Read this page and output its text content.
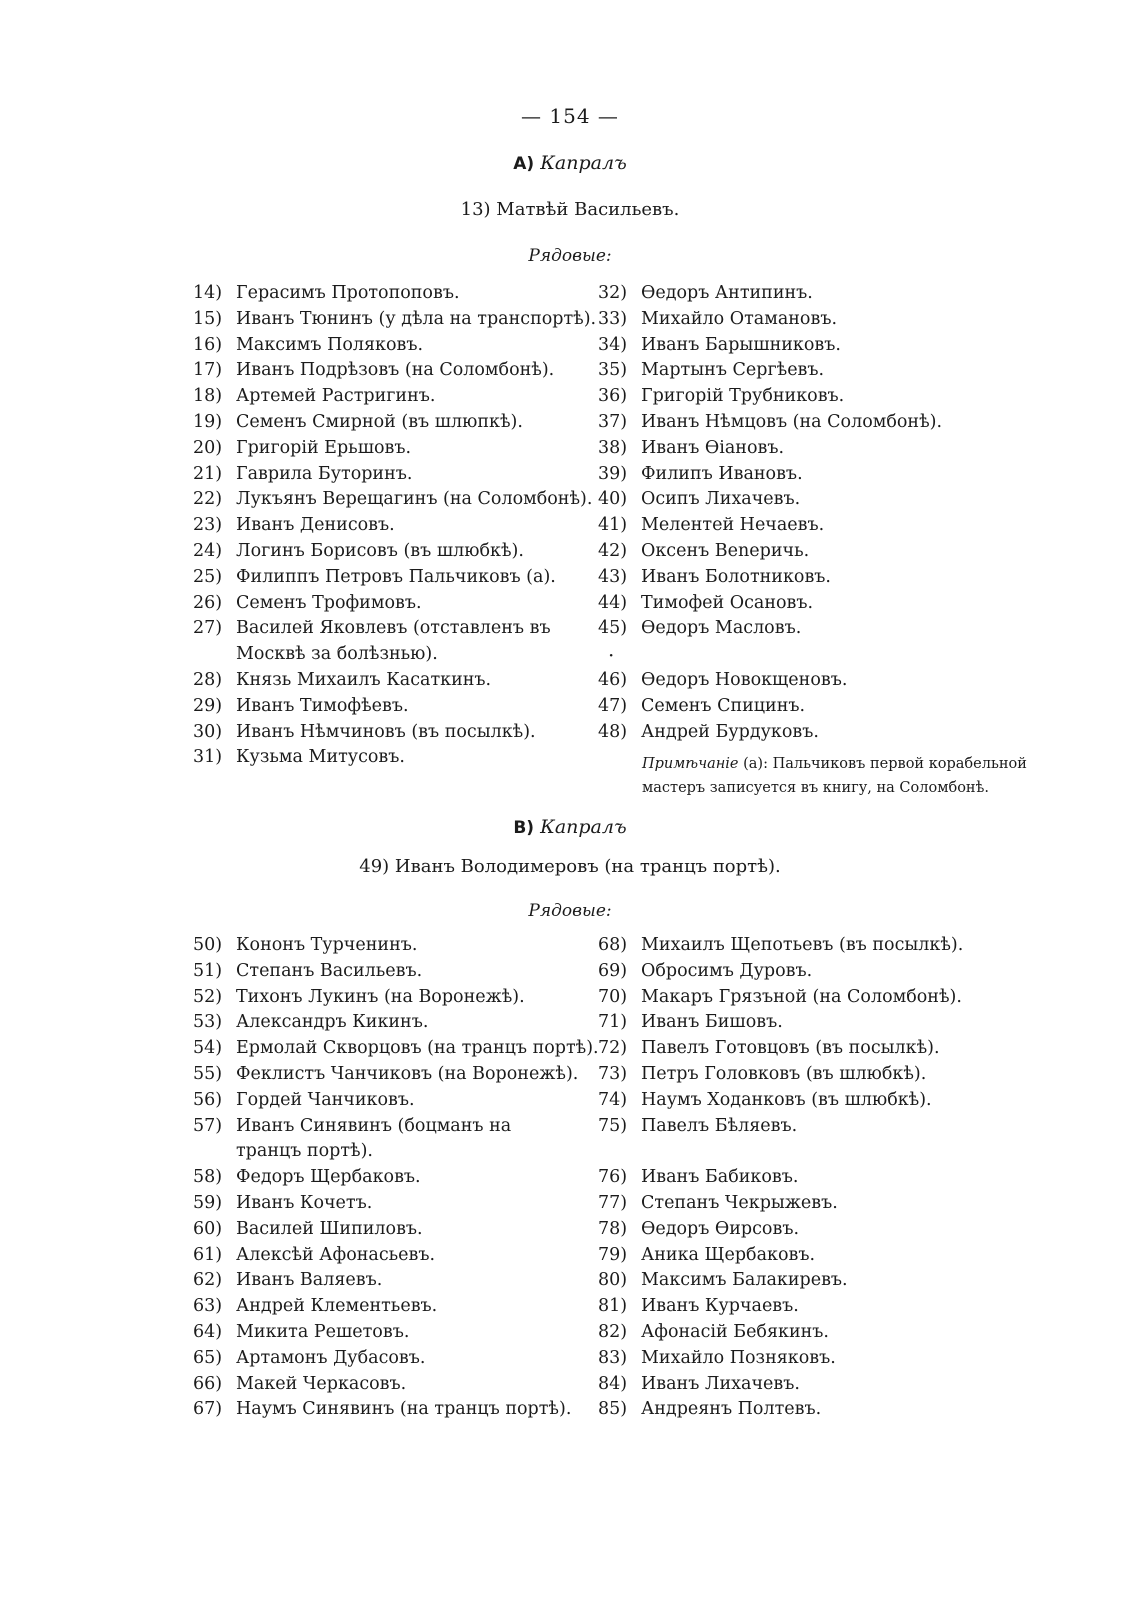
— 154 —
А) Капралъ
13) Матвѣй Васильевъ.
Рядовые:
14) Герасимъ Протопоповъ.
15) Иванъ Тюнинъ (у дѣла на транспортѣ).
16) Максимъ Поляковъ.
17) Иванъ Подрѣзовъ (на Соломбонѣ).
18) Артемей Растригинъ.
19) Семенъ Смирной (въ шлюпкѣ).
20) Григорій Ерьшовъ.
21) Гаврила Буторинъ.
22) Лукъянъ Верещагинъ (на Соломбонѣ).
23) Иванъ Денисовъ.
24) Логинъ Борисовъ (въ шлюбкѣ).
25) Филиппъ Петровъ Пальчиковъ (а).
26) Семенъ Трофимовъ.
27) Василей Яковлевъ (отставленъ въ Москвѣ за болѣзнью).
28) Князь Михаилъ Касаткинъ.
29) Иванъ Тимофѣевъ.
30) Иванъ Нѣмчиновъ (въ посылкѣ).
31) Кузьма Митусовъ.
32) Ѳедоръ Антипинъ.
33) Михайло Отамановъ.
34) Иванъ Барышниковъ.
35) Мартынъ Сергѣевъ.
36) Григорій Трубниковъ.
37) Иванъ Нѣмцовъ (на Соломбонѣ).
38) Иванъ Ѳіановъ.
39) Филипъ Ивановъ.
40) Осипъ Лихачевъ.
41) Мелентей Нечаевъ.
42) Оксенъ Веneричь.
43) Иванъ Болотниковъ.
44) Тимофей Осановъ.
45) Ѳедоръ Масловъ.
·
46) Ѳедоръ Новокщеновъ.
47) Семенъ Спицинъ.
48) Андрей Бурдуковъ.
Примѣчаніе (а): Пальчиковъ первой корабельной
мастеръ записуется въ книгу, на Соломбонѣ.
В) Капралъ
49) Иванъ Володимеровъ (на транцъ портѣ).
Рядовые:
50) Кононъ Турченинъ.
51) Степанъ Васильевъ.
52) Тихонъ Лукинъ (на Воронежѣ).
53) Александръ Кикинъ.
54) Ермолай Скворцовъ (на транцъ портѣ).
55) Феклистъ Чанчиковъ (на Воронежѣ).
56) Гордей Чанчиковъ.
57) Иванъ Синявинъ (боцманъ на транцъ портѣ).
58) Федоръ Щербаковъ.
59) Иванъ Кочетъ.
60) Василей Шипиловъ.
61) Алексѣй Афонасьевъ.
62) Иванъ Валяевъ.
63) Андрей Клементьевъ.
64) Микита Решетовъ.
65) Артамонъ Дубасовъ.
66) Макей Черкасовъ.
67) Наумъ Синявинъ (на транцъ портѣ).
68) Михаилъ Щепотьевъ (въ посылкѣ).
69) Обросимъ Дуровъ.
70) Макаръ Грязъной (на Соломбонѣ).
71) Иванъ Бишовъ.
72) Павелъ Готовцовъ (въ посылкѣ).
73) Петръ Головковъ (въ шлюбкѣ).
74) Наумъ Ходанковъ (въ шлюбкѣ).
75) Павелъ Бѣляевъ.
76) Иванъ Бабиковъ.
77) Степанъ Чекрыжевъ.
78) Ѳедоръ Ѳирсовъ.
79) Аника Щербаковъ.
80) Максимъ Балакиревъ.
81) Иванъ Курчаевъ.
82) Афонасій Бебякинъ.
83) Михайло Позняковъ.
84) Иванъ Лихачевъ.
85) Андреянъ Полтевъ.
